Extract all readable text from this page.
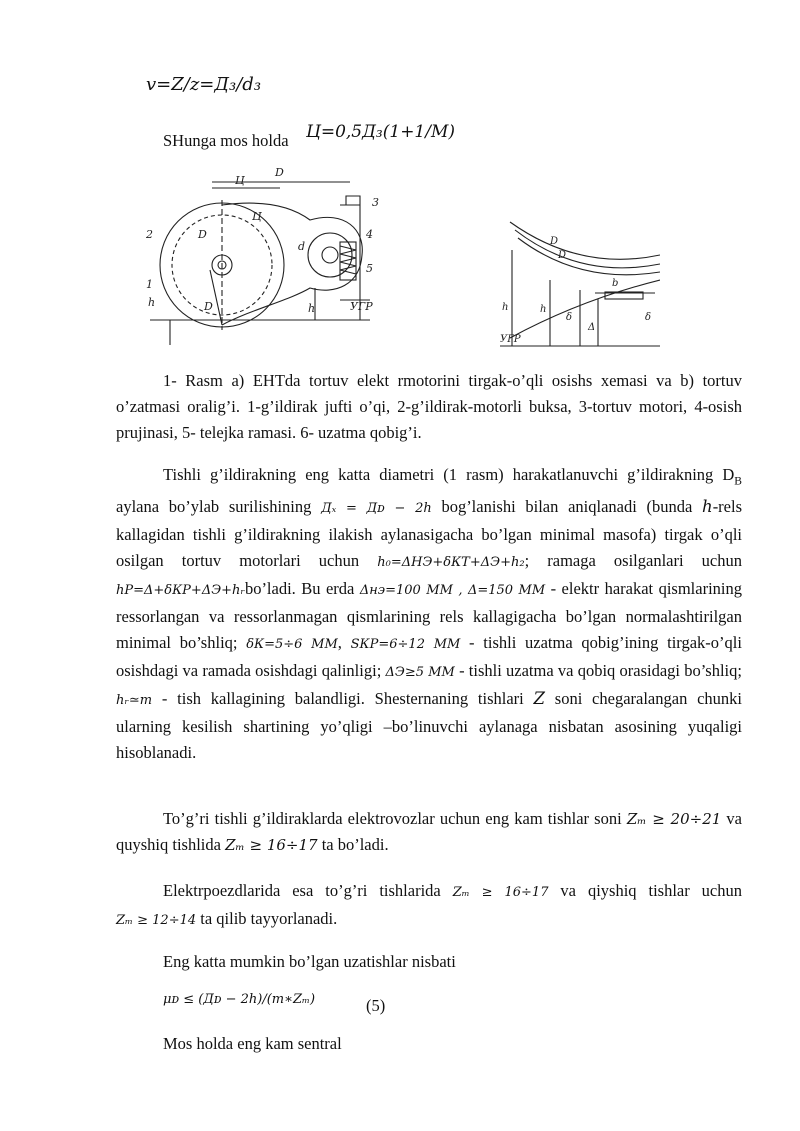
v=Z/z=Д₃/d₃
SHunga mos holda Ц=0,5Д₃(1+1/M)
D
Ц
3
2
Ц
d
4
5
1
D
h	D	h	УГР
D
D
b
h
δ
Δ
δ
h
УГР

1- Rasm a) EHTda tortuv elekt rmotorini tirgak-o’qli osishs xemasi va b) tortuv o’zatmasi oralig’i. 1-g’ildirak jufti o’qi, 2-g’ildirak-motorli buksa, 3-tortuv motori, 4-osish prujinasi, 5- telejka ramasi. 6- uzatma qobig’i.

Tishli g’ildirakning eng katta diametri (1 rasm) harakatlanuvchi g’ildirakning $D_B$ aylana bo’ylab surilishining Дₓ = Дᴅ − 2h bog’lanishi bilan aniqlanadi (bunda h-rels kallagidan tishli g’ildirakning ilakish aylanasigacha bo’lgan minimal masofa) tirgak o’qli osilgan tortuv motorlari uchun h₀=ΔНЭ+δКТ+ΔЭ+h₂; ramaga osilganlari uchun hР=Δ+δКР+ΔЭ+hᵣbo’ladi. Bu erda Δнэ=100 MM , Δ=150 MM - elektr harakat qismlarining ressorlangan va ressorlanmagan qismlarining rels kallagigacha bo’lgan normalashtirilgan minimal bo’shliq; δК=5÷6 MM, SКР=6÷12 MM - tishli uzatma qobig’ining tirgak-o’qli osishdagi va ramada osishdagi qalinligi; ΔЭ≥5 MM - tishli uzatma va qobiq orasidagi bo’shliq; hᵣ≃m - tish kallagining balandligi. Shesternaning tishlari Z soni chegaralangan chunki ularning kesilish shartining yo’qligi –bo’linuvchi aylanaga nisbatan asosining yuqaligi hisoblanadi.

To’g’ri tishli g’ildiraklarda elektrovozlar uchun eng kam tishlar soni Zₘ ≥ 20÷21 va quyshiq tishlida Zₘ ≥ 16÷17 ta bo’ladi.

Elektrpoezdlarida esa to’g’ri tishlarida Zₘ ≥ 16÷17 va qiyshiq tishlar uchun Zₘ ≥ 12÷14 ta qilib tayyorlanadi.

Eng katta mumkin bo’lgan uzatishlar nisbati

μᴅ ≤ (Дᴅ − 2h)/(m∗Zₘ)	(5)
Mos holda eng kam sentral
